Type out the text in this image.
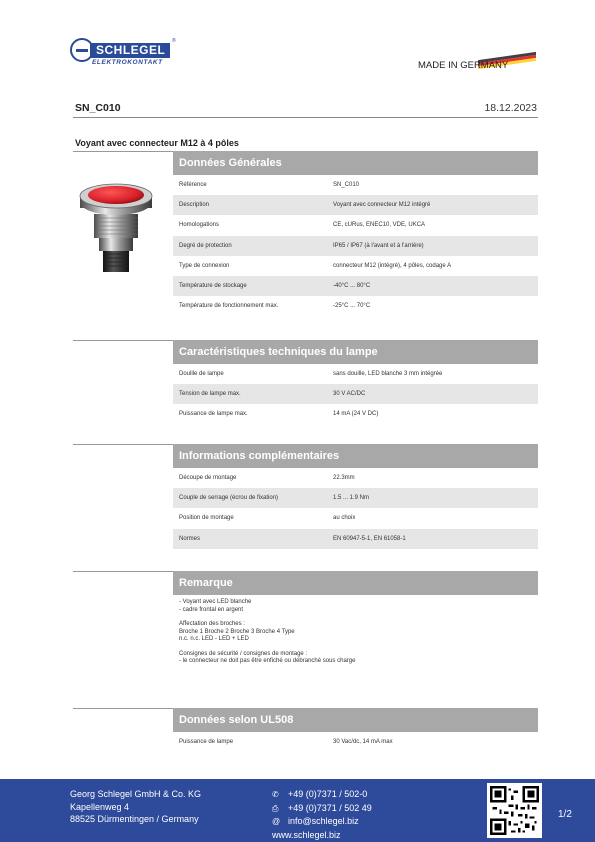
SCHLEGEL
®
ELEKTROKONTAKT	MADE IN GERMANY
SN_C010	18.12.2023
Voyant avec connecteur M12 à 4 pôles
Données Générales
Référence	SN_C010
Description	Voyant avec connecteur M12 intégré
Homologations	CE, cURus, ENEC10, VDE, UKCA
Degré de protection	IP65 / IP67 (à l'avant et à l'arrière)
Type de connexion	connecteur M12 (intégré), 4 pôles, codage A
Température de stockage	-40°C ... 80°C
Température de fonctionnement max.	-25°C ... 70°C
Caractéristiques techniques du lampe
Douille de lampe	sans douille, LED blanche 3 mm intégrée
Tension de lampe max.	30 V AC/DC
Puissance de lampe max.	14 mA (24 V DC)
Informations complémentaires
Découpe de montage	22.3mm
Couple de serrage (écrou de fixation)	1.5 ... 1.9 Nm
Position de montage	au choix
Normes	EN 60947-5-1, EN 61058-1
Remarque

- Voyant avec LED blanche
- cadre frontal en argent

Affectation des broches :
Broche 1 Broche 2 Broche 3 Broche 4 Type
n.c. n.c. LED - LED + LED

Consignes de sécurité / consignes de montage :
- le connecteur ne doit pas être enfiché ou débranché sous charge

Données selon UL508
Puissance de lampe	30 Vac/dc, 14 mA max
Georg Schlegel GmbH & Co. KG
Kapellenweg 4
88525 Dürmentingen / Germany
✆ +49 (0)7371 / 502-0
⎙ +49 (0)7371 / 502 49
@ info@schlegel.biz
www.schlegel.biz
1/2
